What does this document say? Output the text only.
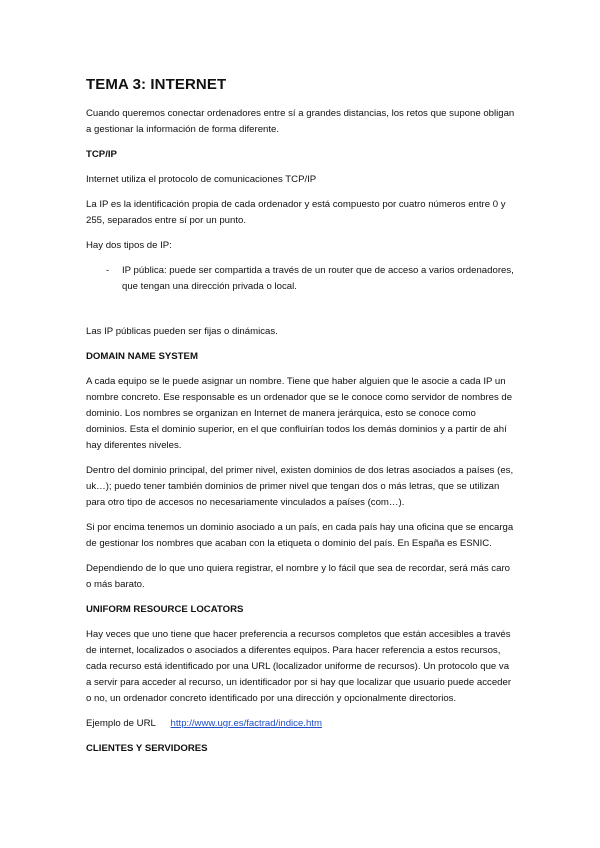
TEMA 3: INTERNET

Cuando queremos conectar ordenadores entre sí a grandes distancias, los retos que supone obligan a gestionar la información de forma diferente.

TCP/IP

Internet utiliza el protocolo de comunicaciones TCP/IP

La IP es la identificación propia de cada ordenador y está compuesto por cuatro números entre 0 y 255, separados entre sí por un punto.

Hay dos tipos de IP:

- IP pública: puede ser compartida a través de un router que de acceso a varios ordenadores, que tengan una dirección privada o local.

Las IP públicas pueden ser fijas o dinámicas.

DOMAIN NAME SYSTEM

A cada equipo se le puede asignar un nombre. Tiene que haber alguien que le asocie a cada IP un nombre concreto. Ese responsable es un ordenador que se le conoce como servidor de nombres de dominio. Los nombres se organizan en Internet de manera jerárquica, esto se conoce como dominios. Esta el dominio superior, en el que confluirían todos los demás dominios y a partir de ahí hay diferentes niveles.

Dentro del dominio principal, del primer nivel, existen dominios de dos letras asociados a países (es, uk…); puedo tener también dominios de primer nivel que tengan dos o más letras, que se utilizan para otro tipo de accesos no necesariamente vinculados a países (com…).

Si por encima tenemos un dominio asociado a un país, en cada país hay una oficina que se encarga de gestionar los nombres que acaban con la etiqueta o dominio del país. En España es ESNIC.

Dependiendo de lo que uno quiera registrar, el nombre y lo fácil que sea de recordar, será más caro o más barato.

UNIFORM RESOURCE LOCATORS

Hay veces que uno tiene que hacer preferencia a recursos completos que están accesibles a través de internet, localizados o asociados a diferentes equipos. Para hacer referencia a estos recursos, cada recurso está identificado por una URL (localizador uniforme de recursos). Un protocolo que va a servir para acceder al recurso, un identificador por si hay que localizar que usuario puede acceder o no, un ordenador concreto identificado por una dirección y opcionalmente directorios.

Ejemplo de URL http://www.ugr.es/factrad/indice.htm

CLIENTES Y SERVIDORES
